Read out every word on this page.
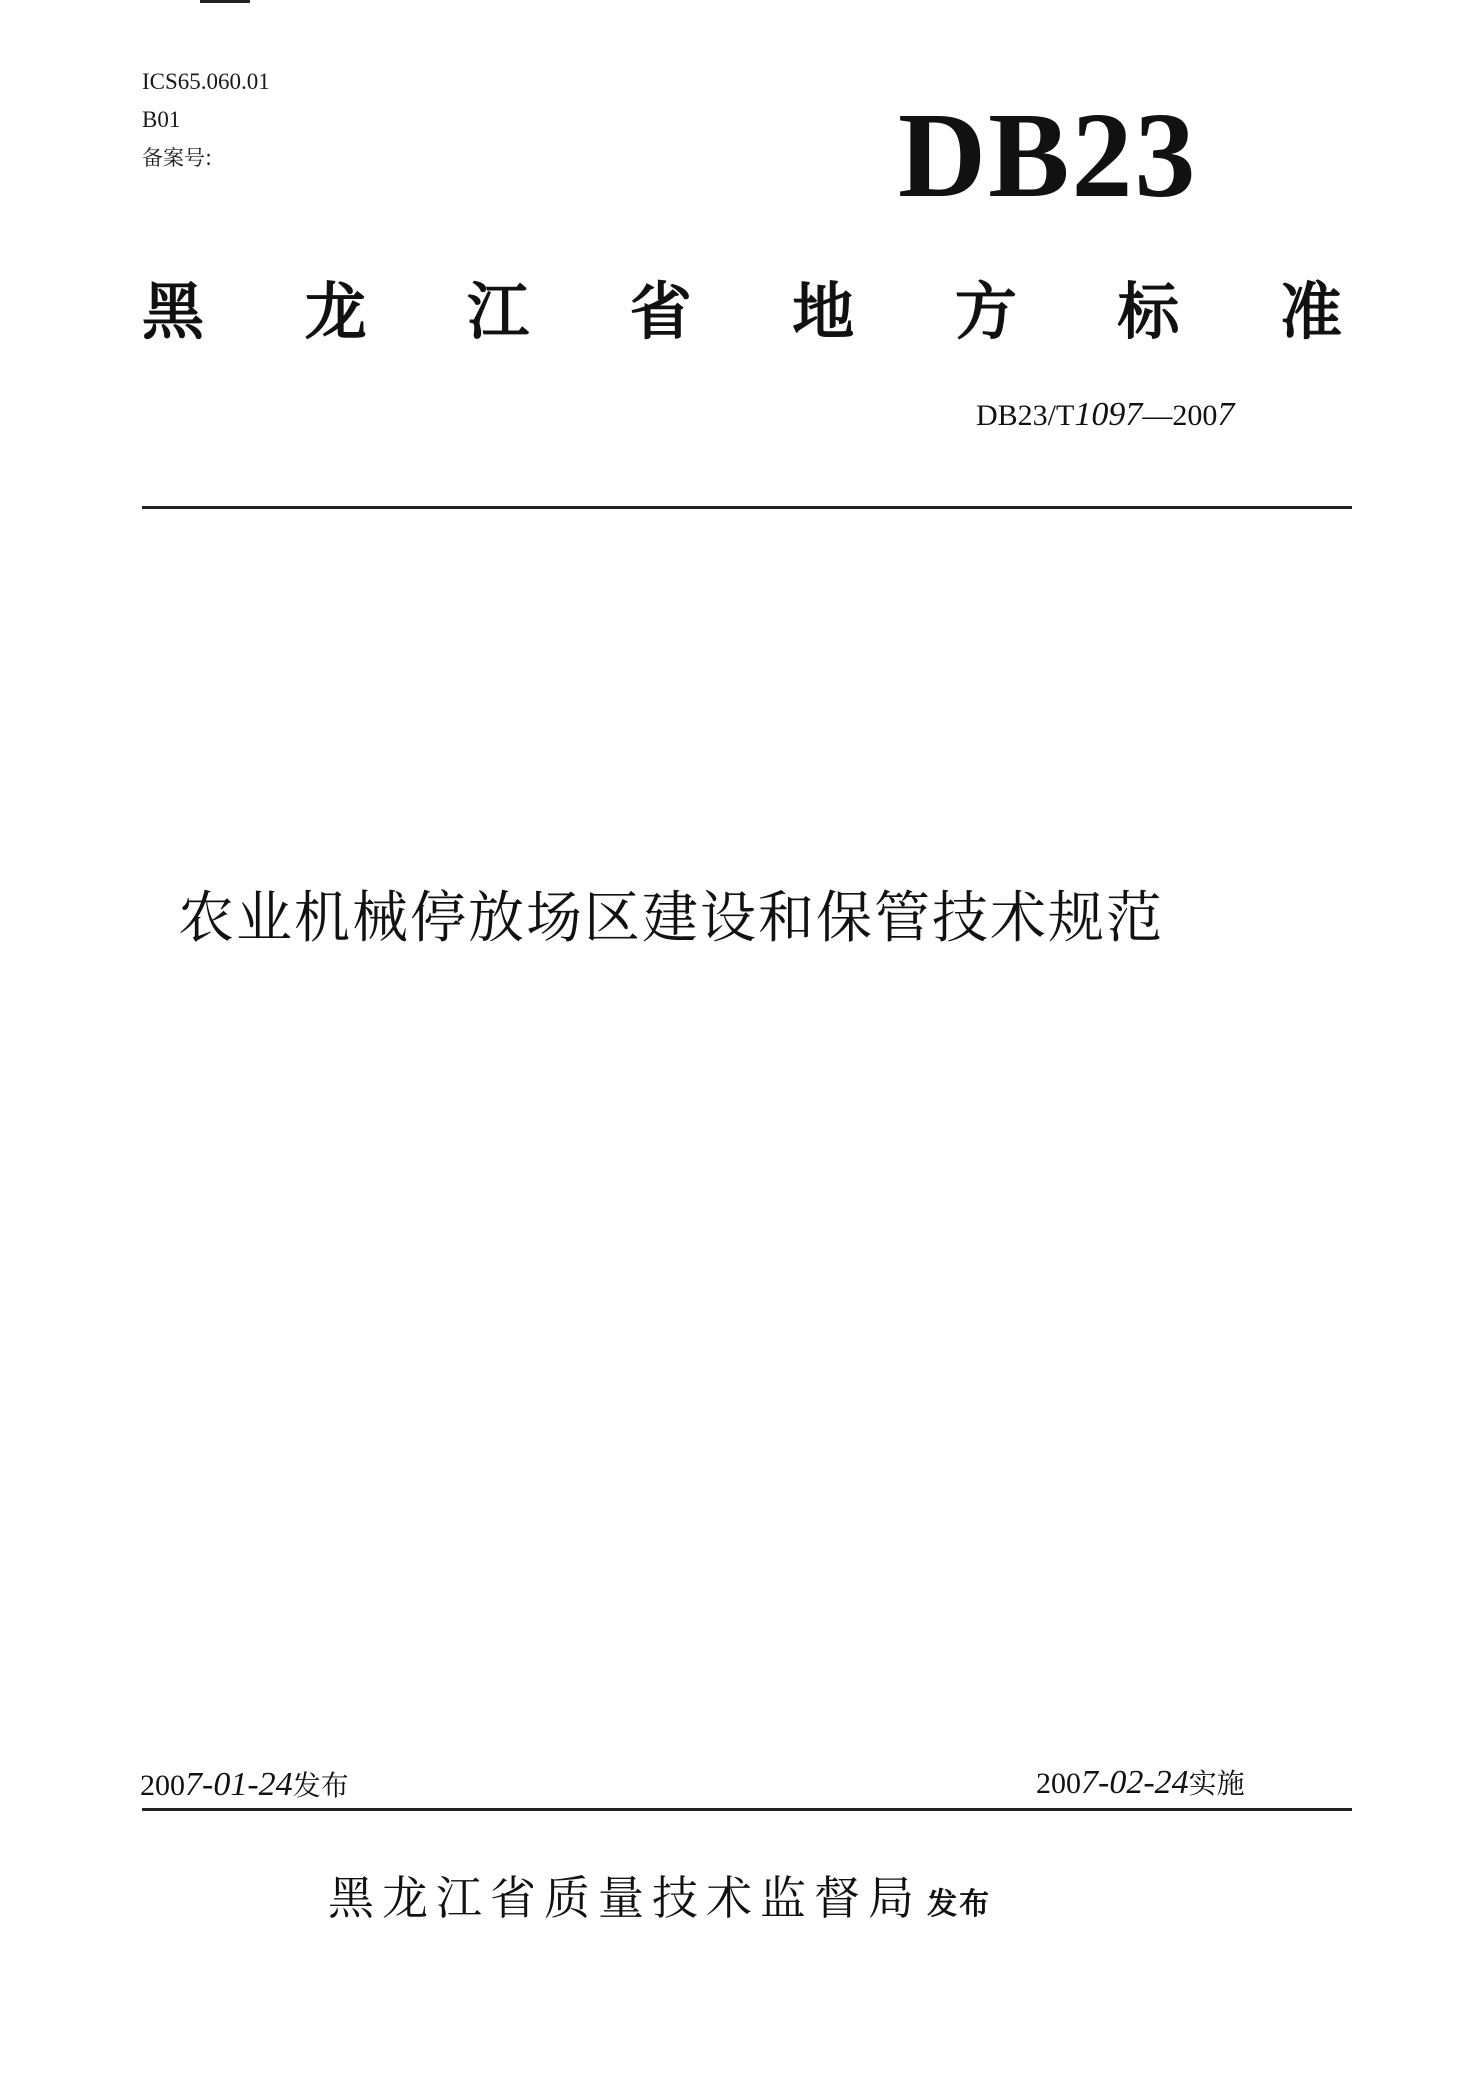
ICS65.060.01
B01
备案号:	DB23
黑 龙 江 省 地 方 标 准
DB23/T1097—2007
农业机械停放场区建设和保管技术规范
2007-01-24发布	2007-02-24实施
黑龙江省质量技术监督局 发布
